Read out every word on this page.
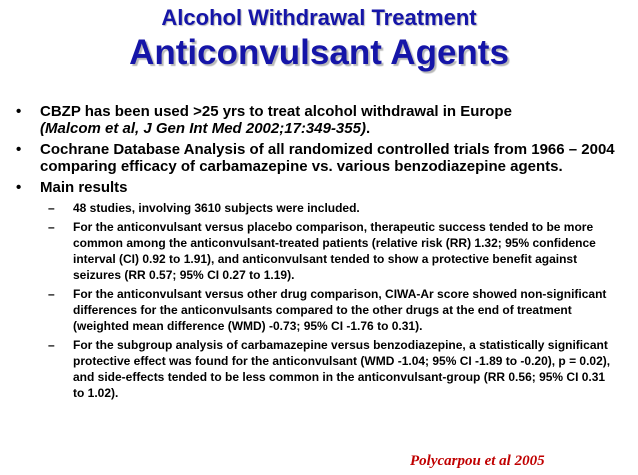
Alcohol Withdrawal Treatment
Anticonvulsant Agents
• CBZP has been used >25 yrs to treat alcohol withdrawal in Europe
(Malcom et al, J Gen Int Med 2002;17:349-355).
• Cochrane Database Analysis of all randomized controlled trials from 1966 – 2004 comparing efficacy of carbamazepine vs. various benzodiazepine agents.
• Main results
– 48 studies, involving 3610 subjects were included.
– For the anticonvulsant versus placebo comparison, therapeutic success tended to be more common among the anticonvulsant-treated patients (relative risk (RR) 1.32; 95% confidence interval (CI) 0.92 to 1.91), and anticonvulsant tended to show a protective benefit against seizures (RR 0.57; 95% CI 0.27 to 1.19).
– For the anticonvulsant versus other drug comparison, CIWA-Ar score showed non-significant differences for the anticonvulsants compared to the other drugs at the end of treatment (weighted mean difference (WMD) -0.73; 95% CI -1.76 to 0.31).
– For the subgroup analysis of carbamazepine versus benzodiazepine, a statistically significant protective effect was found for the anticonvulsant (WMD -1.04; 95% CI -1.89 to -0.20), p = 0.02), and side-effects tended to be less common in the anticonvulsant-group (RR 0.56; 95% CI 0.31 to 1.02).
Polycarpou et al 2005
